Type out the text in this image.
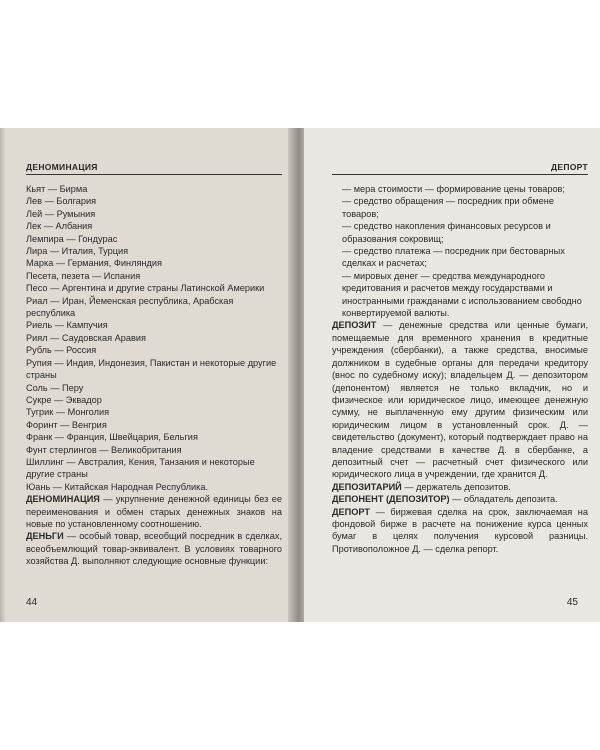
ДЕНОМИНАЦИЯ

Кьят — Бирма

Лев — Болгария

Лей — Румыния

Лек — Албания

Лемпира — Гондурас

Лира — Италия, Турция

Марка — Германия, Финляндия

Песета, пезета — Испания

Песо — Аргентина и другие страны Латинской Америки

Риал — Иран, Йеменская республика, Арабская республика

Риель — Кампучия

Риял — Саудовская Аравия

Рубль — Россия

Рупия — Индия, Индонезия, Пакистан и некоторые другие страны

Соль — Перу

Сукре — Эквадор

Тугрик — Монголия

Форинт — Венгрия

Франк — Франция, Швейцария, Бельгия

Фунт стерлингов — Великобритания

Шиллинг — Австралия, Кения, Танзания и некоторые другие страны

Юань — Китайская Народная Республика.

ДЕНОМИНАЦИЯ — укрупнение денежной единицы без ее переименования и обмен старых денежных знаков на новые по установленному соотношению.

ДЕНЬГИ — особый товар, всеобщий посредник в сделках, всеобъемлющий товар-эквивалент. В условиях товарного хозяйства Д. выполняют следующие основные функции:

44
ДЕПОРТ

— мера стоимости — формирование цены товаров;

— средство обращения — посредник при обмене товаров;

— средство накопления финансовых ресурсов и образования сокровищ;

— средство платежа — посредник при бестоварных сделках и расчетах;

— мировых денег — средства международного кредитования и расчетов между государствами и иностранными гражданами с использованием свободно конвертируемой валюты.

ДЕПОЗИТ — денежные средства или ценные бумаги, помещаемые для временного хранения в кредитные учреждения (сбербанки), а также средства, вносимые должником в судебные органы для передачи кредитору (внос по судебному иску); владельцем Д. — депозитором (депонентом) является не только вкладчик, но и физическое или юридическое лицо, имеющее денежную сумму, не выплаченную ему другим физическим или юридическим лицом в установленный срок. Д. — свидетельство (документ), который подтверждает право на владение средствами в качестве Д. в сбербанке, а депозитный счет — расчетный счет физического или юридического лица в учреждении, где хранится Д.

ДЕПОЗИТАРИЙ — держатель депозитов.

ДЕПОНЕНТ (ДЕПОЗИТОР) — обладатель депозита.

ДЕПОРТ — биржевая сделка на срок, заключаемая на фондовой бирже в расчете на понижение курса ценных бумаг в целях получения курсовой разницы. Противоположное Д. — сделка репорт.

45
